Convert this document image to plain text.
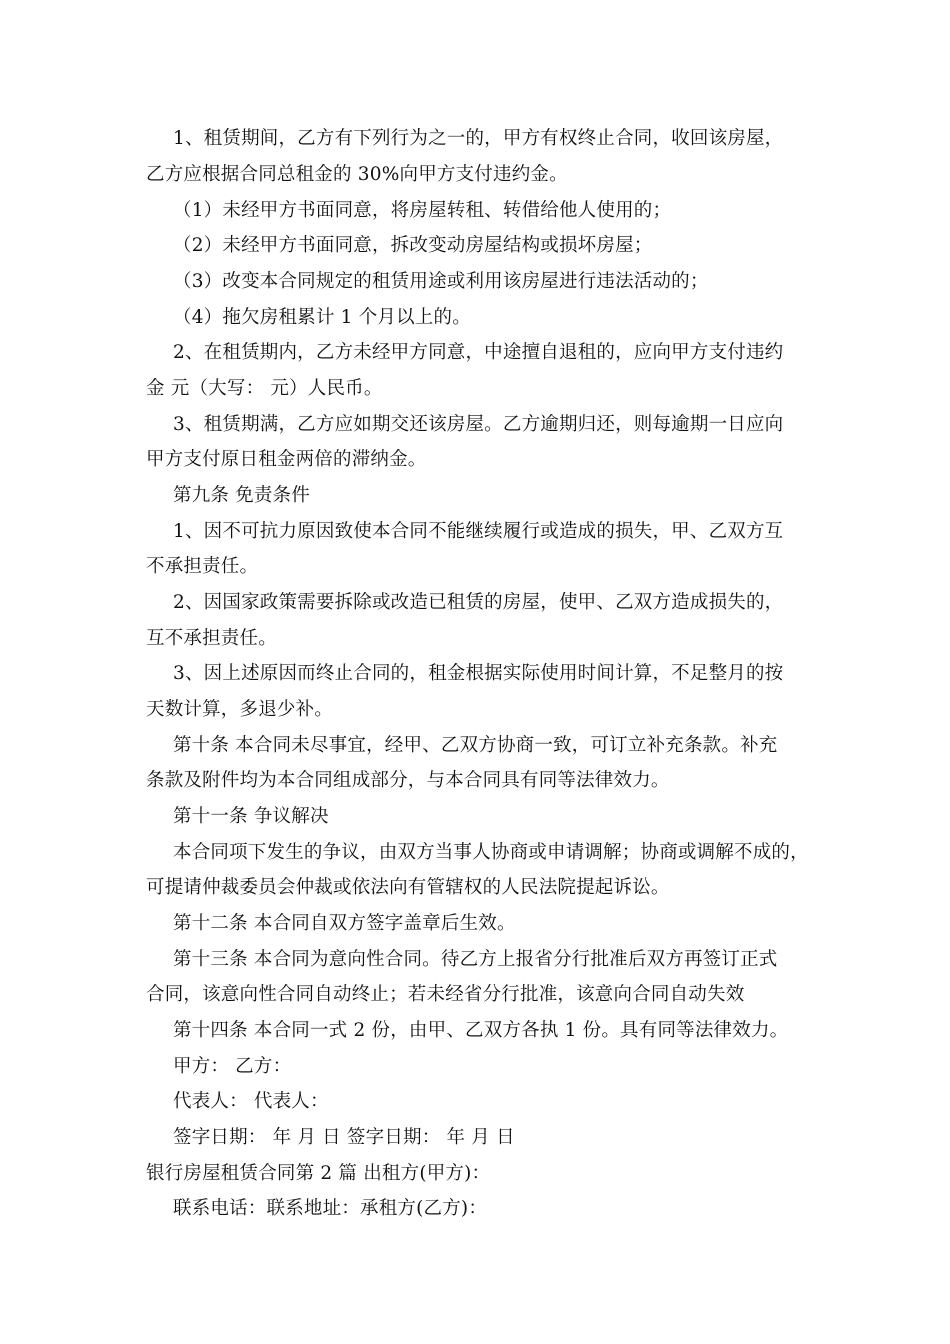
1、租赁期间，乙方有下列行为之一的，甲方有权终止合同，收回该房屋，
乙方应根据合同总租金的 30%向甲方支付违约金。
（1）未经甲方书面同意，将房屋转租、转借给他人使用的；
（2）未经甲方书面同意，拆改变动房屋结构或损坏房屋；
（3）改变本合同规定的租赁用途或利用该房屋进行违法活动的；
（4）拖欠房租累计 1 个月以上的。
2、在租赁期内，乙方未经甲方同意，中途擅自退租的，应向甲方支付违约
金 元（大写： 元）人民币。
3、租赁期满，乙方应如期交还该房屋。乙方逾期归还，则每逾期一日应向
甲方支付原日租金两倍的滞纳金。
第九条 免责条件
1、因不可抗力原因致使本合同不能继续履行或造成的损失，甲、乙双方互
不承担责任。
2、因国家政策需要拆除或改造已租赁的房屋，使甲、乙双方造成损失的，
互不承担责任。
3、因上述原因而终止合同的，租金根据实际使用时间计算，不足整月的按
天数计算，多退少补。
第十条 本合同未尽事宜，经甲、乙双方协商一致，可订立补充条款。补充
条款及附件均为本合同组成部分，与本合同具有同等法律效力。
第十一条 争议解决
本合同项下发生的争议，由双方当事人协商或申请调解；协商或调解不成的，
可提请仲裁委员会仲裁或依法向有管辖权的人民法院提起诉讼。
第十二条 本合同自双方签字盖章后生效。
第十三条 本合同为意向性合同。待乙方上报省分行批准后双方再签订正式
合同，该意向性合同自动终止；若未经省分行批准，该意向合同自动失效
第十四条 本合同一式 2 份，由甲、乙双方各执 1 份。具有同等法律效力。
甲方： 乙方：
代表人： 代表人：
签字日期： 年 月 日 签字日期： 年 月 日
银行房屋租赁合同第 2 篇 出租方(甲方)：
联系电话：联系地址：承租方(乙方)：
